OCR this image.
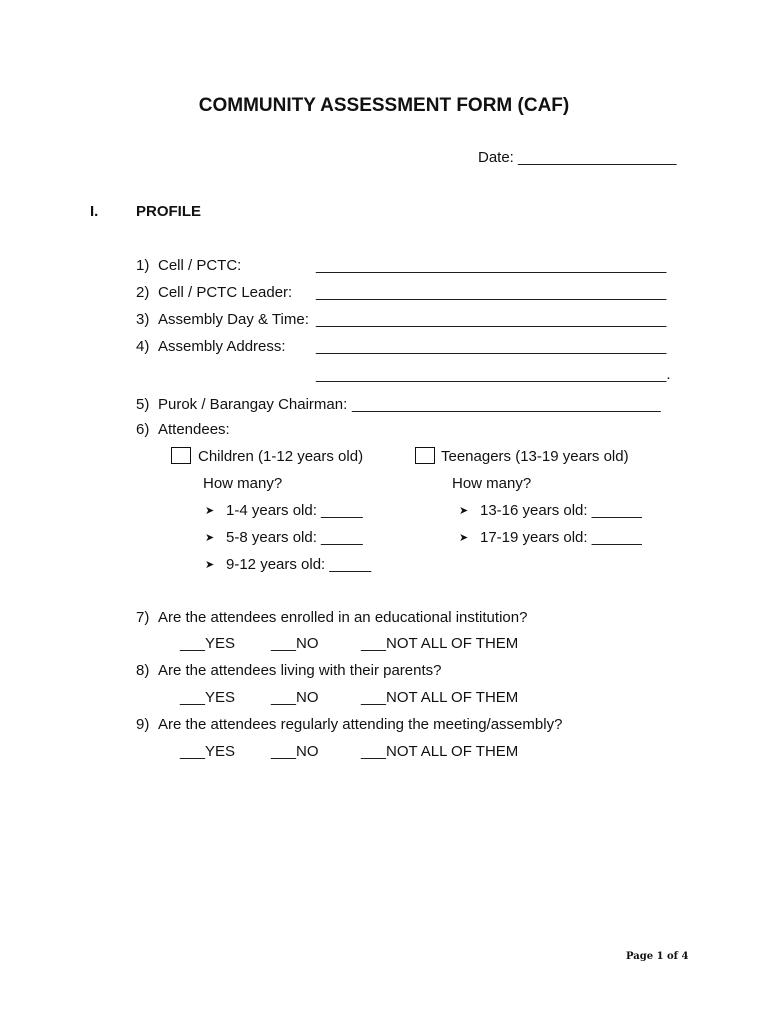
COMMUNITY ASSESSMENT FORM (CAF)
Date: ___________________
I.	PROFILE
1) Cell / PCTC:	__________________________________________
2) Cell / PCTC Leader: __________________________________________
3) Assembly Day & Time: __________________________________________
4) Assembly Address: __________________________________________
__________________________________________.
5) Purok / Barangay Chairman: _____________________________________
6) Attendees:
Children (1-12 years old)	Teenagers (13-19 years old)
How many?	How many?
➤ 1-4 years old: _____
➤ 5-8 years old: _____
➤ 9-12 years old: _____
➤ 13-16 years old: ______
➤ 17-19 years old: ______
7) Are the attendees enrolled in an educational institution?
___YES ___NO	___NOT ALL OF THEM
8) Are the attendees living with their parents?
___YES ___NO	___NOT ALL OF THEM
9) Are the attendees regularly attending the meeting/assembly?
___YES ___NO	___NOT ALL OF THEM
Page 1 of 4
